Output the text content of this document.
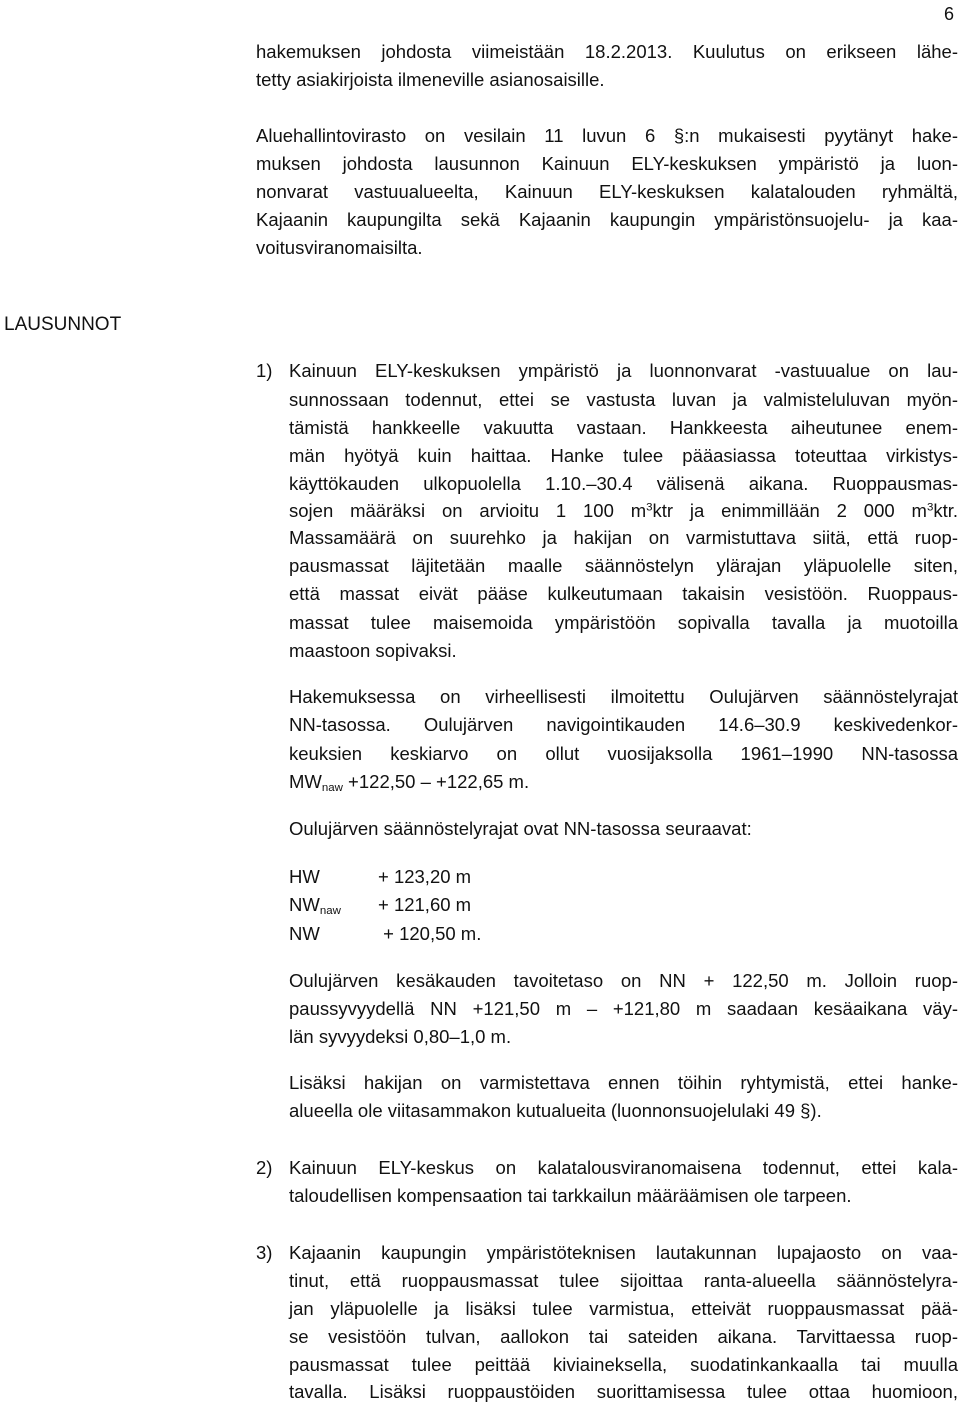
6
hakemuksen johdosta viimeistään 18.2.2013. Kuulutus on erikseen lähe-
tetty asiakirjoista ilmeneville asianosaisille.
Aluehallintovirasto on vesilain 11 luvun 6 §:n mukaisesti pyytänyt hake-
muksen johdosta lausunnon Kainuun ELY-keskuksen ympäristö ja luon-
nonvarat vastuualueelta, Kainuun ELY-keskuksen kalatalouden ryhmältä,
Kajaanin kaupungilta sekä Kajaanin kaupungin ympäristönsuojelu- ja kaa-
voitusviranomaisilta.
LAUSUNNOT
1) Kainuun ELY-keskuksen ympäristö ja luonnonvarat -vastuualue on lau-
sunnossaan todennut, ettei se vastusta luvan ja valmisteluluvan myön-
tämistä hankkeelle vakuutta vastaan. Hankkeesta aiheutunee enem-
män hyötyä kuin haittaa. Hanke tulee pääasiassa toteuttaa virkistys-
käyttökauden ulkopuolella 1.10.–30.4 välisenä aikana. Ruoppausmas-
sojen määräksi on arvioitu 1 100 $m^3ktr$ ja enimmillään 2 000 $m^3ktr$.
Massamäärä on suurehko ja hakijan on varmistuttava siitä, että ruop-
pausmassat läjitetään maalle säännöstelyn ylärajan yläpuolelle siten,
että massat eivät pääse kulkeutumaan takaisin vesistöön. Ruoppaus-
massat tulee maisemoida ympäristöön sopivalla tavalla ja muotoilla
maastoon sopivaksi.
Hakemuksessa on virheellisesti ilmoitettu Oulujärven säännöstelyrajat
NN-tasossa. Oulujärven navigointikauden 14.6–30.9 keskivedenkor-
keuksien keskiarvo on ollut vuosijaksolla 1961–1990 NN-tasossa
$MW_{naw} +122,50 - +122,65$ m.
Oulujärven säännöstelyrajat ovat NN-tasossa seuraavat:
HW	+ 123,20 m
$NW_{naw} + 121,60$ m
NW	+ 120,50 m.
Oulujärven kesäkauden tavoitetaso on NN + 122,50 m. Jolloin ruop-
paussyvyydellä NN +121,50 m – +121,80 m saadaan kesäaikana väy-
län syvyydeksi 0,80–1,0 m.
Lisäksi hakijan on varmistettava ennen töihin ryhtymistä, ettei hanke-
alueella ole viitasammakon kutualueita (luonnonsuojelulaki 49 §).
2) Kainuun ELY-keskus on kalatalousviranomaisena todennut, ettei kala-
taloudellisen kompensaation tai tarkkailun määräämisen ole tarpeen.
3) Kajaanin kaupungin ympäristöteknisen lautakunnan lupajaosto on vaa-
tinut, että ruoppausmassat tulee sijoittaa ranta-alueella säännöstelyra-
jan yläpuolelle ja lisäksi tulee varmistua, etteivät ruoppausmassat pää-
se vesistöön tulvan, aallokon tai sateiden aikana. Tarvittaessa ruop-
pausmassat tulee peittää kiviaineksella, suodatinkankaalla tai muulla
tavalla. Lisäksi ruoppaustöiden suorittamisessa tulee ottaa huomioon,
